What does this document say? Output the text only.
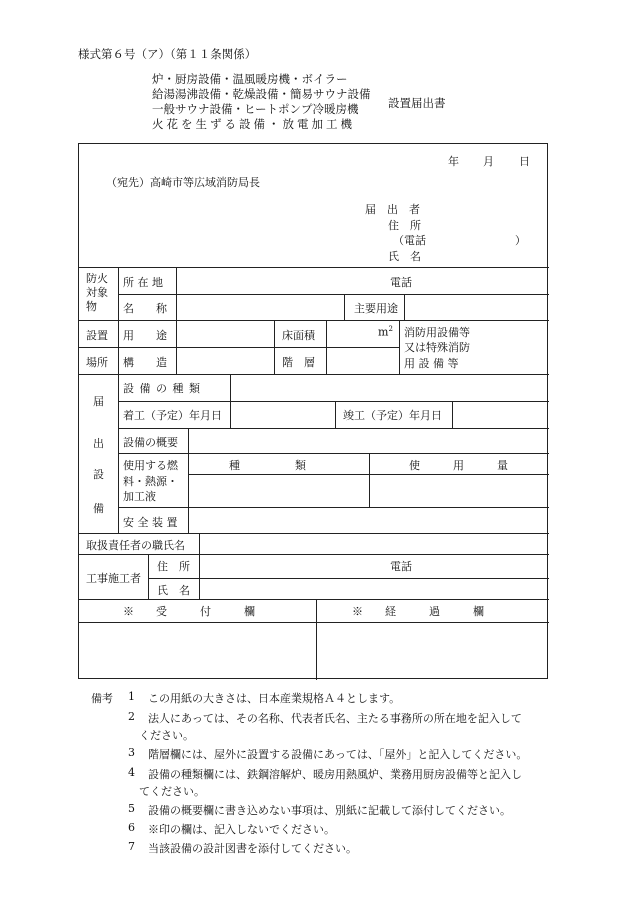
様式第６号（ア）（第１１条関係）
炉・厨房設備・温風暖房機・ボイラー
給湯湯沸設備・乾燥設備・簡易サウナ設備
一般サウナ設備・ヒートポンプ冷暖房機
火花を生ずる設備・放電加工機
設置届出書
年 月 日
（宛先）高崎市等広域消防局長
届　出　者
住　所
（電話	）
氏　名
防火
対象
物
所 在 地	電話
名　　称	主要用途
設置
場所
用　　途	床面積	$m^2$ 消防用設備等
又は特殊消防
用 設 備 等
構　　造	階　層
届
出
設
備
設 備 の 種 類
着工（予定）年月日	竣工（予定）年月日
設備の概要
使用する燃
料・熱源・
加工液
種　　　　　類	使　　　用　　　量
安 全 装 置
取扱責任者の職氏名
工事施工者
住　所	電話
氏　名
※　　受　　　付　　　欄	※　　経　　　過　　　欄
備考 1 この用紙の大きさは、日本産業規格Ａ４とします。
2 法人にあっては、その名称、代表者氏名、主たる事務所の所在地を記入して
ください。
3 階層欄には、屋外に設置する設備にあっては、「屋外」と記入してください。
4 設備の種類欄には、鉄鋼溶解炉、暖房用熱風炉、業務用厨房設備等と記入し
てください。
5 設備の概要欄に書き込めない事項は、別紙に記載して添付してください。
6 ※印の欄は、記入しないでください。
7 当該設備の設計図書を添付してください。
